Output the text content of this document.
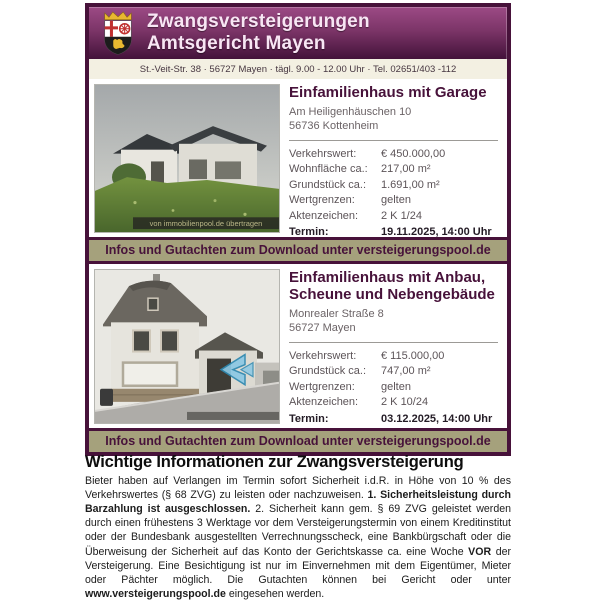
Zwangsversteigerungen
Amtsgericht Mayen
St.-Veit-Str. 38 · 56727 Mayen · tägl. 9.00 - 12.00 Uhr · Tel. 02651/403 -112
von immobilienpool.de übertragen
Einfamilienhaus mit Garage
Am Heiligenhäuschen 10
56736 Kottenheim
Verkehrswert:	€ 450.000,00
Wohnfläche ca.:	217,00 m²
Grundstück ca.:	1.691,00 m²
Wertgrenzen:	gelten
Aktenzeichen:	2 K 1/24
Termin:	19.11.2025, 14:00 Uhr
Infos und Gutachten zum Download unter versteigerungspool.de
Einfamilienhaus mit Anbau,
Scheune und Nebengebäude
Monrealer Straße 8
56727 Mayen
Verkehrswert:	€ 115.000,00
Grundstück ca.:	747,00 m²
Wertgrenzen:	gelten
Aktenzeichen:	2 K 10/24
Termin:	03.12.2025, 14:00 Uhr
Infos und Gutachten zum Download unter versteigerungspool.de
Wichtige Informationen zur Zwangsversteigerung

Bieter haben auf Verlangen im Termin sofort Sicherheit i.d.R. in Höhe von 10 % des Verkehrswertes (§ 68 ZVG) zu leisten oder nachzuweisen. 1. Sicherheitsleistung durch Barzahlung ist ausgeschlossen. 2. Sicherheit kann gem. § 69 ZVG geleistet werden durch einen frühestens 3 Werktage vor dem Versteigerungstermin von einem Kreditinstitut oder der Bundesbank ausgestellten Verrechnungsscheck, eine Bankbürgschaft oder die Überweisung der Sicherheit auf das Konto der Gerichtskasse ca. eine Woche VOR der Versteigerung. Eine Besichtigung ist nur im Einvernehmen mit dem Eigentümer, Mieter oder Pächter möglich. Die Gutachten können bei Gericht oder unter www.versteigerungspool.de eingesehen werden.
